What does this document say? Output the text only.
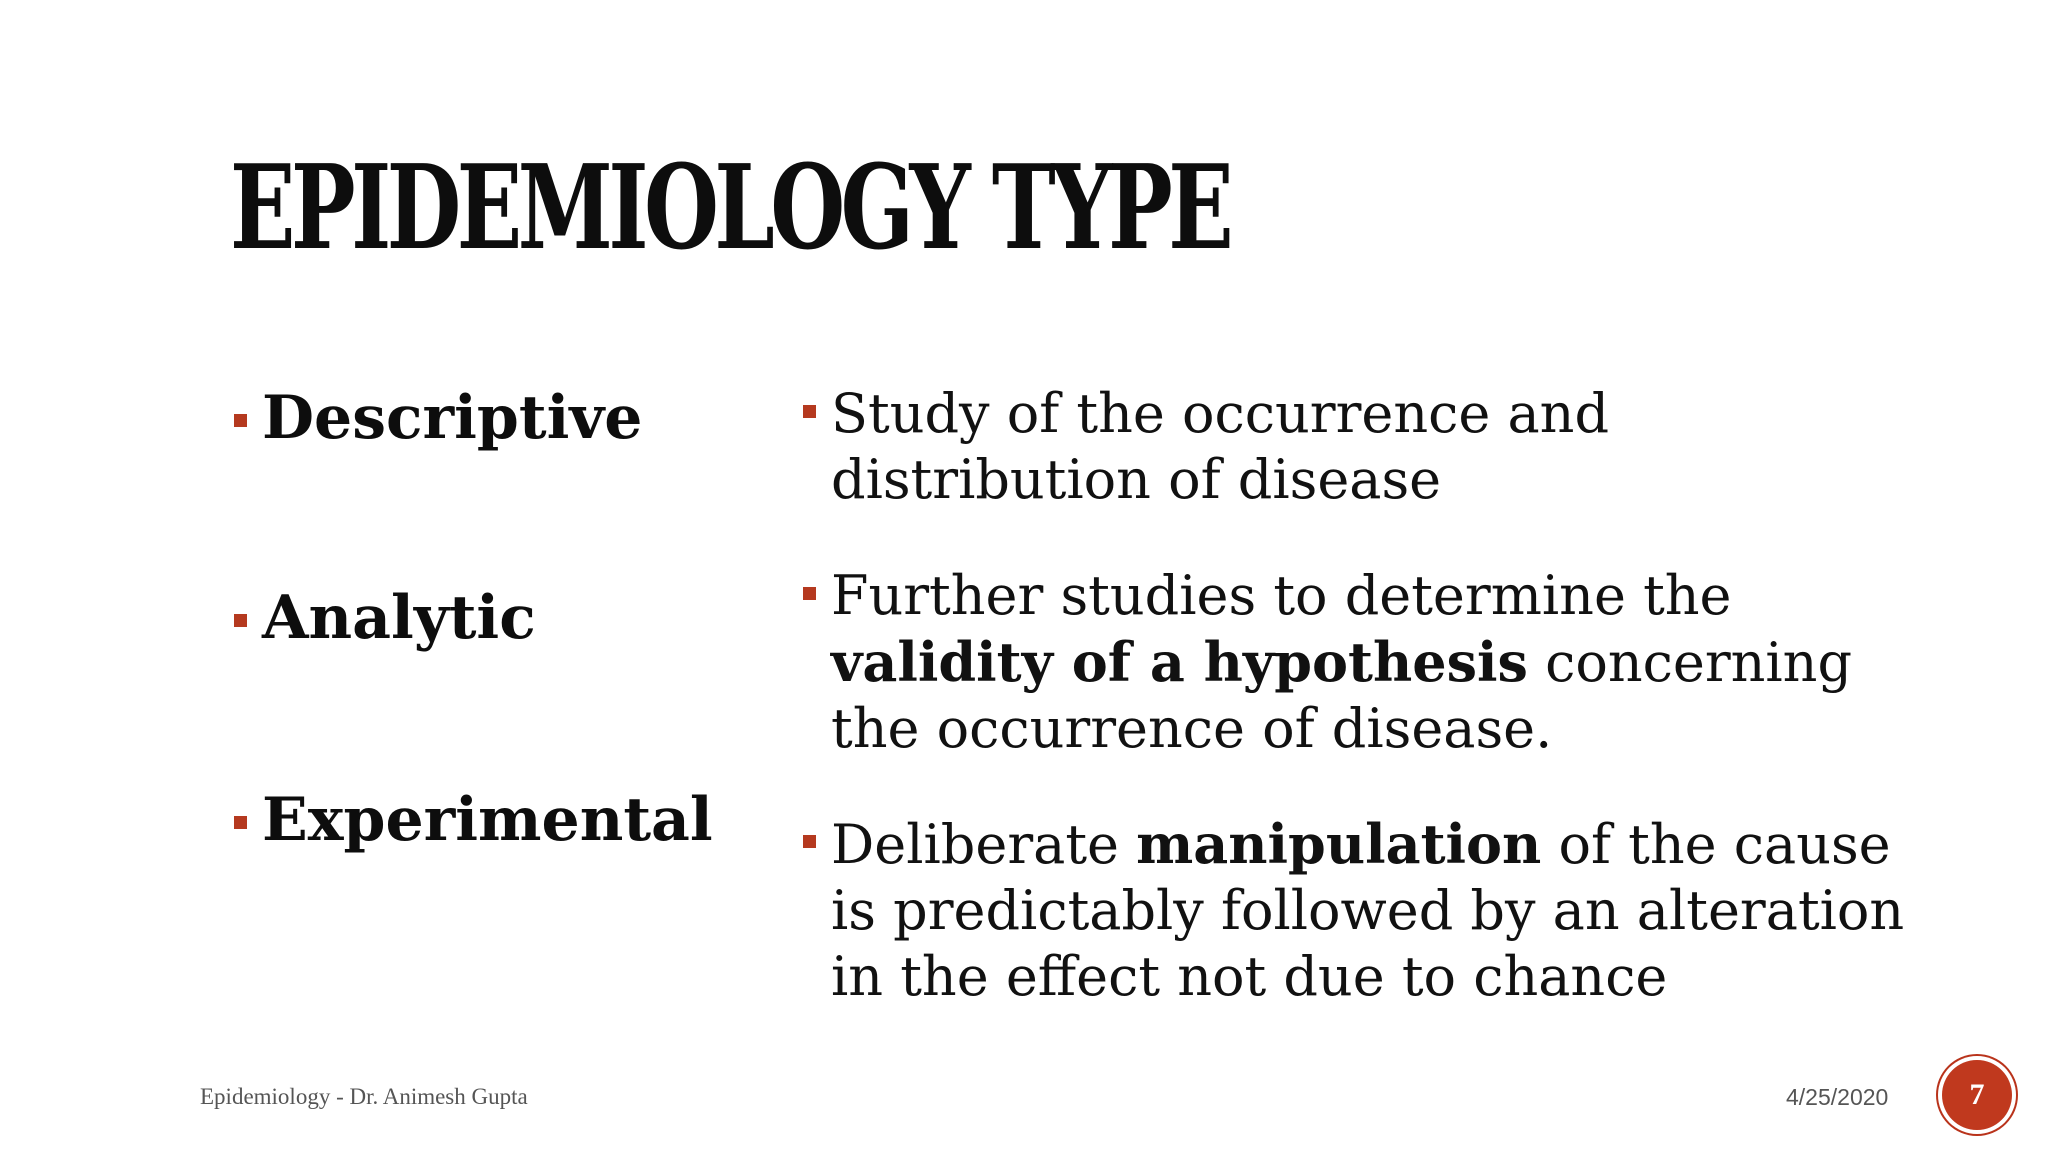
EPIDEMIOLOGY TYPE
Descriptive
Analytic
Experimental
Study of the occurrence and distribution of disease
Further studies to determine the validity of a hypothesis concerning the occurrence of disease.
Deliberate manipulation of the cause is predictably followed by an alteration in the effect not due to chance
Epidemiology - Dr. Animesh Gupta	4/25/2020	7
